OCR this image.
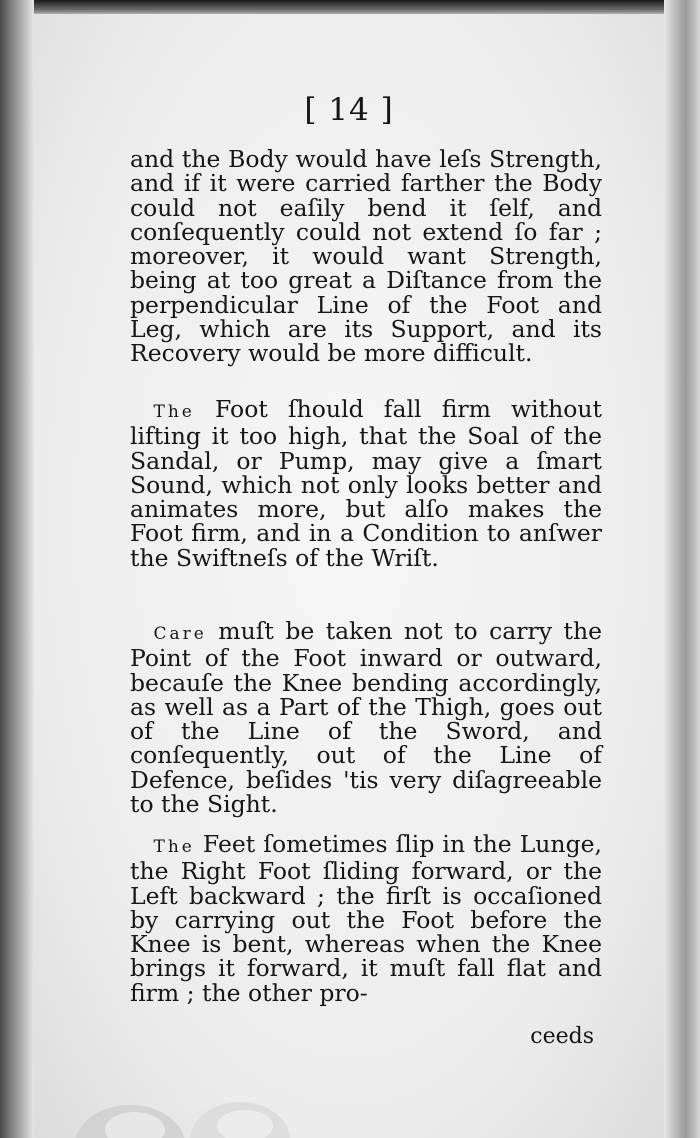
[ 14 ]

and the Body would have leſs Strength, and if it were carried farther the Body could not eaſily bend it ſelf, and conſequently could not extend ſo far ; moreover, it would want Strength, being at too great a Diſtance from the perpendicular Line of the Foot and Leg, which are its Support, and its Recovery would be more difficult.

 The Foot ſhould fall firm without lifting it too high, that the Soal of the Sandal, or Pump, may give a ſmart Sound, which not only looks better and animates more, but alſo makes the Foot firm, and in a Condition to anſwer the Swiftneſs of the Wriſt.

 Care muſt be taken not to carry the Point of the Foot inward or outward, becauſe the Knee bending accordingly, as well as a Part of the Thigh, goes out of the Line of the Sword, and conſequently, out of the Line of Defence, beſides 'tis very diſagreeable to the Sight.

 The Feet ſometimes ſlip in the Lunge, the Right Foot ſliding forward, or the Left backward ; the firſt is occaſioned by carrying out the Foot before the Knee is bent, whereas when the Knee brings it forward, it muſt fall flat and firm ; the other pro-

ceeds
